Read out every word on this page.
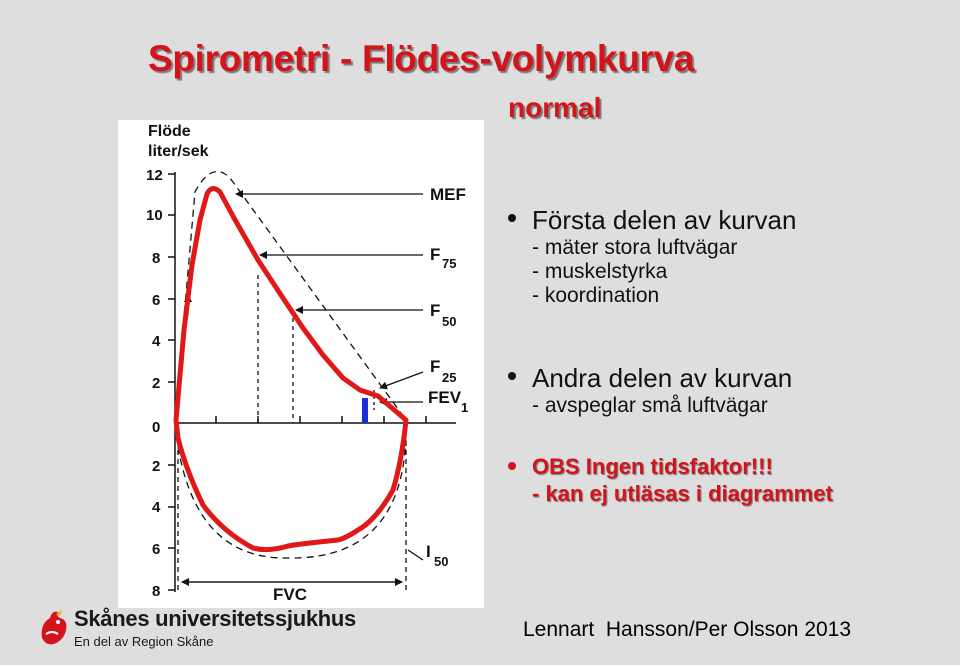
Spirometri - Flödes-volymkurva
normal
Flöde
liter/sek
12
10
8
6
4
2
0
2
4
6
8
MEF
F 75
F
50
F
25
FEV
1
I
50
FVC
Första delen av kurvan
- mäter stora luftvägar
- muskelstyrka
- koordination
Andra delen av kurvan
- avspeglar små luftvägar
OBS Ingen tidsfaktor!!!
- kan ej utläsas i diagrammet
Skånes universitetssjukhus
En del av Region Skåne
Lennart  Hansson/Per Olsson 2013
